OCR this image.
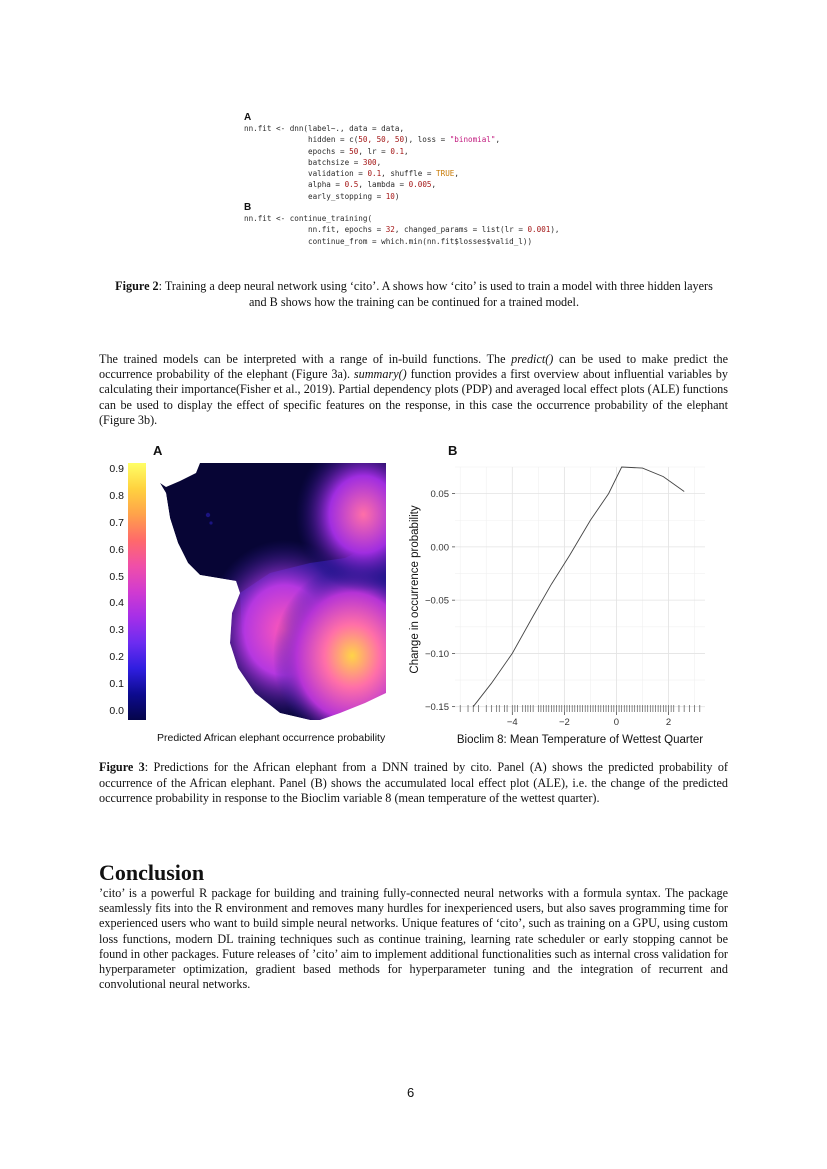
A
nn.fit <- dnn(label~., data = data,
hidden = c(50, 50, 50), loss = "binomial",
epochs = 50, lr = 0.1,
batchsize = 300,
validation = 0.1, shuffle = TRUE,
alpha = 0.5, lambda = 0.005,
early_stopping = 10)
B
nn.fit <- continue_training(
nn.fit, epochs = 32, changed_params = list(lr = 0.001),
continue_from = which.min(nn.fit$losses$valid_l))
Figure 2: Training a deep neural network using ‘cito’. A shows how ‘cito’ is used to train a model with three hidden layers and B shows how the training can be continued for a trained model.
The trained models can be interpreted with a range of in-build functions. The predict() can be used to make predict the occurrence probability of the elephant (Figure 3a). summary() function provides a first overview about influential variables by calculating their importance(Fisher et al., 2019). Partial dependency plots (PDP) and averaged local effect plots (ALE) functions can be used to display the effect of specific features on the response, in this case the occurrence probability of the elephant (Figure 3b).
A	B
0.9
0.8
0.7
0.6
0.5
0.4
0.3
0.2
0.1
0.0
Predicted African elephant occurrence probability
−0.15
−0.10
−0.05
0.00
0.05
−4	−2	0	2
Bioclim 8: Mean Temperature of Wettest Quarter
Change in occurrence probability
Figure 3: Predictions for the African elephant from a DNN trained by cito. Panel (A) shows the predicted probability of occurrence of the African elephant. Panel (B) shows the accumulated local effect plot (ALE), i.e. the change of the predicted occurrence probability in response to the Bioclim variable 8 (mean temperature of the wettest quarter).
Conclusion
’cito’ is a powerful R package for building and training fully-connected neural networks with a formula syntax. The package seamlessly fits into the R environment and removes many hurdles for inexperienced users, but also saves programming time for experienced users who want to build simple neural networks. Unique features of ‘cito’, such as training on a GPU, using custom loss functions, modern DL training techniques such as continue training, learning rate scheduler or early stopping cannot be found in other packages. Future releases of ’cito’ aim to implement additional functionalities such as internal cross validation for hyperparameter optimization, gradient based methods for hyperparameter tuning and the integration of recurrent and convolutional neural networks.
6
